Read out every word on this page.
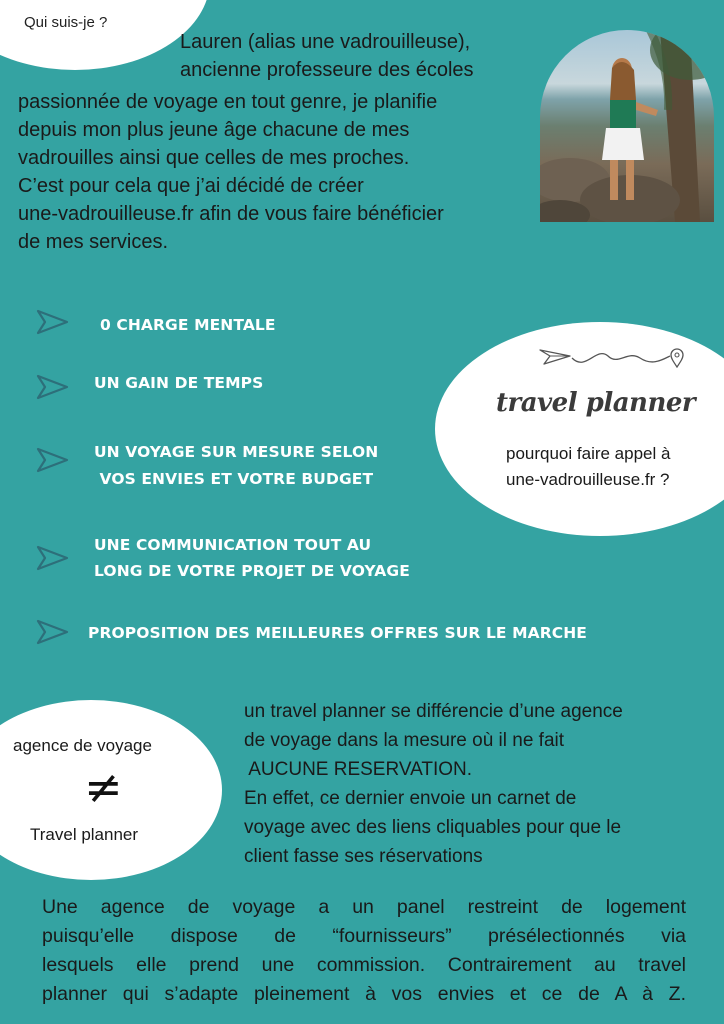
Qui suis-je ?
Lauren (alias une vadrouilleuse),
ancienne professeure des écoles
passionnée de voyage en tout genre, je planifie
depuis mon plus jeune âge chacune de mes
vadrouilles ainsi que celles de mes proches.
C’est pour cela que j’ai décidé de créer
une-vadrouilleuse.fr afin de vous faire bénéficier
de mes services.
0 CHARGE MENTALE
UN GAIN DE TEMPS
UN VOYAGE SUR MESURE SELON
VOS ENVIES ET VOTRE BUDGET
UNE COMMUNICATION TOUT AU
LONG DE VOTRE PROJET DE VOYAGE
PROPOSITION DES MEILLEURES OFFRES SUR LE MARCHE
travel planner
pourquoi faire appel à
une-vadrouilleuse.fr ?
agence de voyage
≠
Travel planner
un travel planner se différencie d’une agence
de voyage dans la mesure où il ne fait
AUCUNE RESERVATION.
En effet, ce dernier envoie un carnet de
voyage avec des liens cliquables pour que le
client fasse ses réservations
Une agence de voyage a un panel restreint de logement
puisqu’elle dispose de “fournisseurs” présélectionnés via
lesquels elle prend une commission. Contrairement au travel
planner qui s’adapte pleinement à vos envies et ce de A à Z.
